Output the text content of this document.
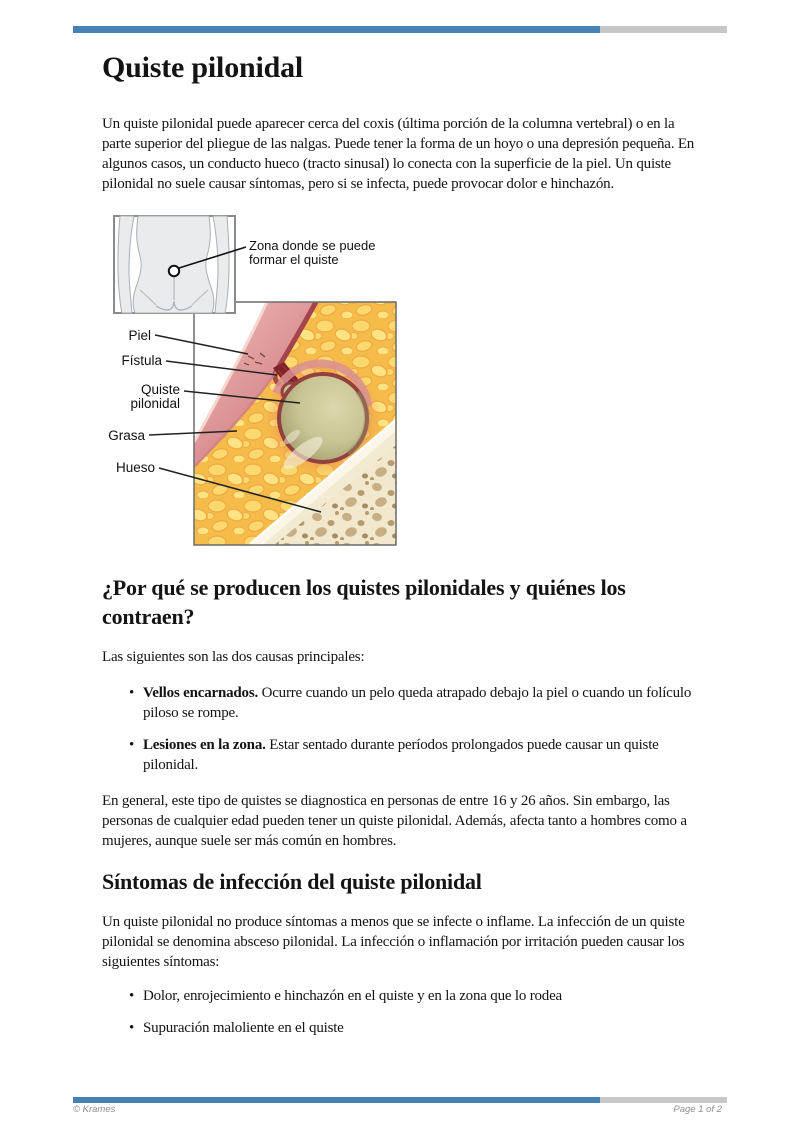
Quiste pilonidal

Un quiste pilonidal puede aparecer cerca del coxis (última porción de la columna vertebral) o en la parte superior del pliegue de las nalgas. Puede tener la forma de un hoyo o una depresión pequeña. En algunos casos, un conducto hueco (tracto sinusal) lo conecta con la superficie de la piel. Un quiste pilonidal no suele causar síntomas, pero si se infecta, puede provocar dolor e hinchazón.

Zona donde se puede
formar el quiste
Piel
Fístula
Quiste
pilonidal
Grasa
Hueso
¿Por qué se producen los quistes pilonidales y quiénes los contraen?

Las siguientes son las dos causas principales:

• Vellos encarnados. Ocurre cuando un pelo queda atrapado debajo la piel o cuando un folículo piloso se rompe.
• Lesiones en la zona. Estar sentado durante períodos prolongados puede causar un quiste pilonidal.

En general, este tipo de quistes se diagnostica en personas de entre 16 y 26 años. Sin embargo, las personas de cualquier edad pueden tener un quiste pilonidal. Además, afecta tanto a hombres como a mujeres, aunque suele ser más común en hombres.

Síntomas de infección del quiste pilonidal

Un quiste pilonidal no produce síntomas a menos que se infecte o inflame. La infección de un quiste pilonidal se denomina absceso pilonidal. La infección o inflamación por irritación pueden causar los siguientes síntomas:

• Dolor, enrojecimiento e hinchazón en el quiste y en la zona que lo rodea
• Supuración maloliente en el quiste
© Krames	Page 1 of 2
